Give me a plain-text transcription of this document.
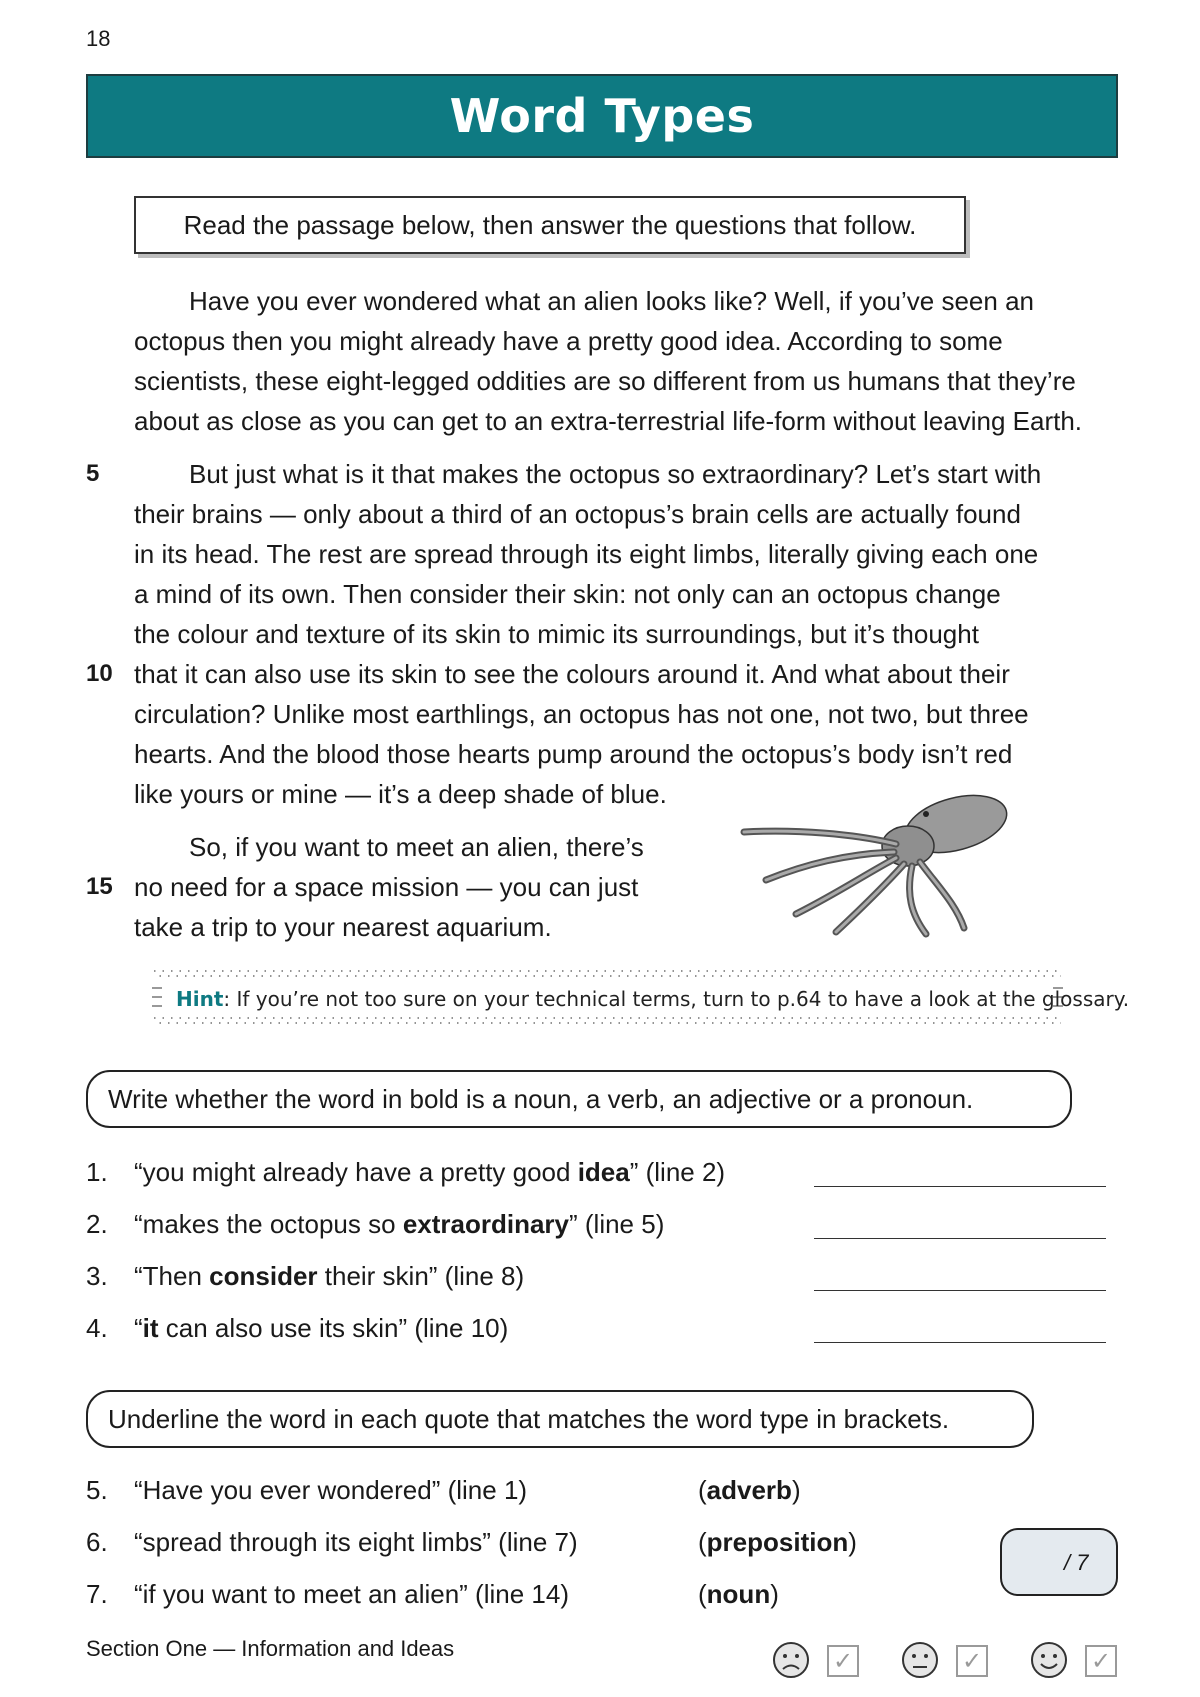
18
Word Types
Read the passage below, then answer the questions that follow.
Have you ever wondered what an alien looks like? Well, if you’ve seen an
octopus then you might already have a pretty good idea. According to some
scientists, these eight-legged oddities are so different from us humans that they’re
about as close as you can get to an extra-terrestrial life-form without leaving Earth.
5	But just what is it that makes the octopus so extraordinary? Let’s start with
their brains — only about a third of an octopus’s brain cells are actually found
in its head. The rest are spread through its eight limbs, literally giving each one
a mind of its own. Then consider their skin: not only can an octopus change
the colour and texture of its skin to mimic its surroundings, but it’s thought
10 that it can also use its skin to see the colours around it. And what about their
circulation? Unlike most earthlings, an octopus has not one, not two, but three
hearts. And the blood those hearts pump around the octopus’s body isn’t red
like yours or mine — it’s a deep shade of blue.
So, if you want to meet an alien, there’s
15 no need for a space mission — you can just
take a trip to your nearest aquarium.
Hint: If you’re not too sure on your technical terms, turn to p.64 to have a look at the glossary.
Write whether the word in bold is a noun, a verb, an adjective or a pronoun.
1. “you might already have a pretty good idea” (line 2)
2. “makes the octopus so extraordinary” (line 5)
3. “Then consider their skin” (line 8)
4. “it can also use its skin” (line 10)
Underline the word in each quote that matches the word type in brackets.
5. “Have you ever wondered” (line 1)	(adverb)
6. “spread through its eight limbs” (line 7)	(preposition)
7. “if you want to meet an alien” (line 14)	(noun)
/ 7
Section One — Information and Ideas	✓	✓	✓
